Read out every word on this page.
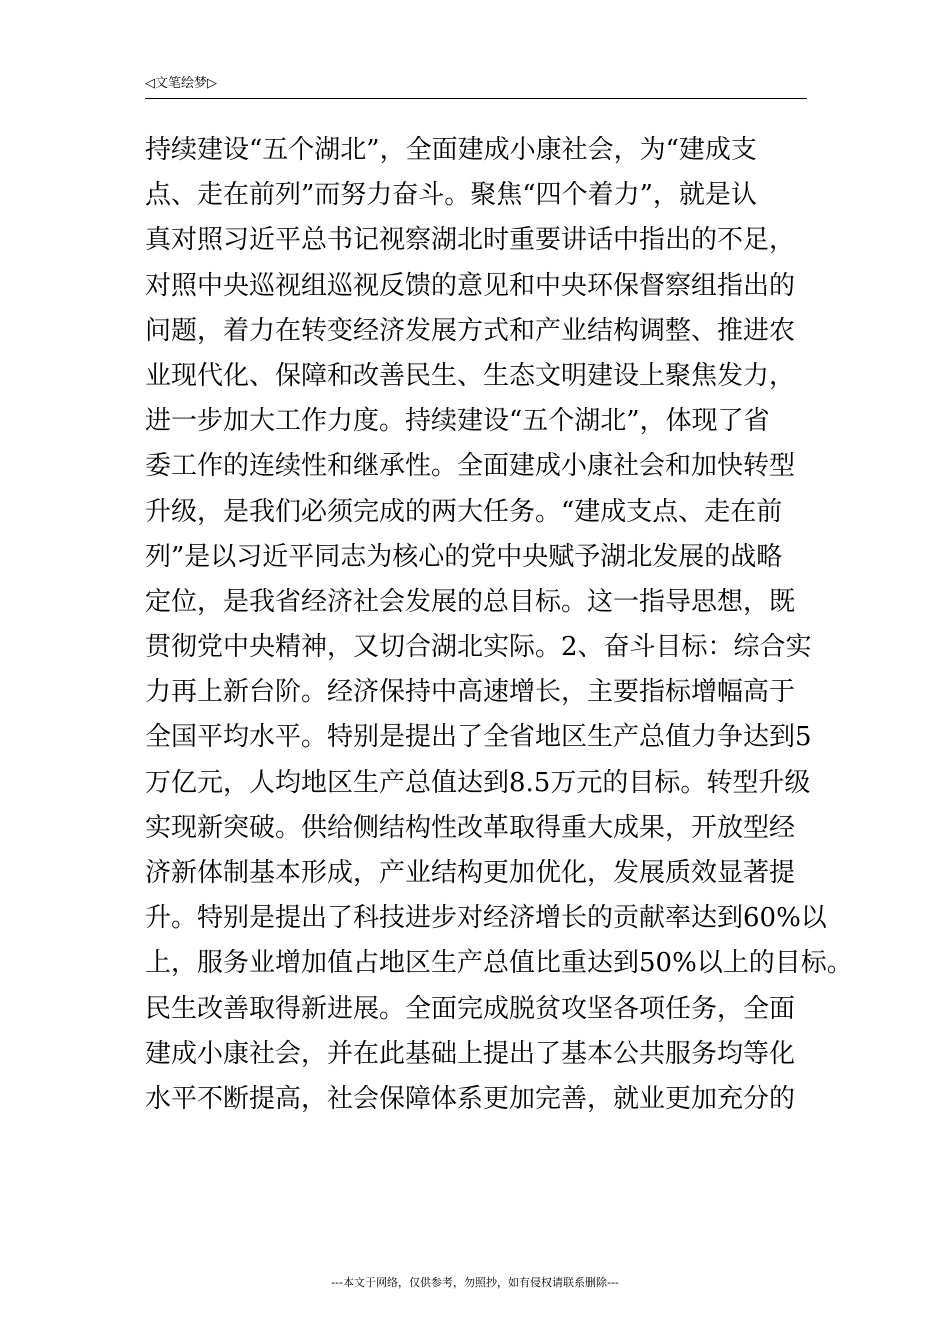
◁文笔绘梦▷
持续建设“五个湖北”，全面建成小康社会，为“建成支
点、走在前列”而努力奋斗。聚焦“四个着力”，就是认
真对照习近平总书记视察湖北时重要讲话中指出的不足，
对照中央巡视组巡视反馈的意见和中央环保督察组指出的
问题，着力在转变经济发展方式和产业结构调整、推进农
业现代化、保障和改善民生、生态文明建设上聚焦发力，
进一步加大工作力度。持续建设“五个湖北”，体现了省
委工作的连续性和继承性。全面建成小康社会和加快转型
升级，是我们必须完成的两大任务。“建成支点、走在前
列”是以习近平同志为核心的党中央赋予湖北发展的战略
定位，是我省经济社会发展的总目标。这一指导思想，既
贯彻党中央精神，又切合湖北实际。2、奋斗目标：综合实
力再上新台阶。经济保持中高速增长，主要指标增幅高于
全国平均水平。特别是提出了全省地区生产总值力争达到5
万亿元，人均地区生产总值达到8.5万元的目标。转型升级
实现新突破。供给侧结构性改革取得重大成果，开放型经
济新体制基本形成，产业结构更加优化，发展质效显著提
升。特别是提出了科技进步对经济增长的贡献率达到60%以
上，服务业增加值占地区生产总值比重达到50%以上的目标。
民生改善取得新进展。全面完成脱贫攻坚各项任务，全面
建成小康社会，并在此基础上提出了基本公共服务均等化
水平不断提高，社会保障体系更加完善，就业更加充分的
---本文于网络，仅供参考，勿照抄，如有侵权请联系删除---
